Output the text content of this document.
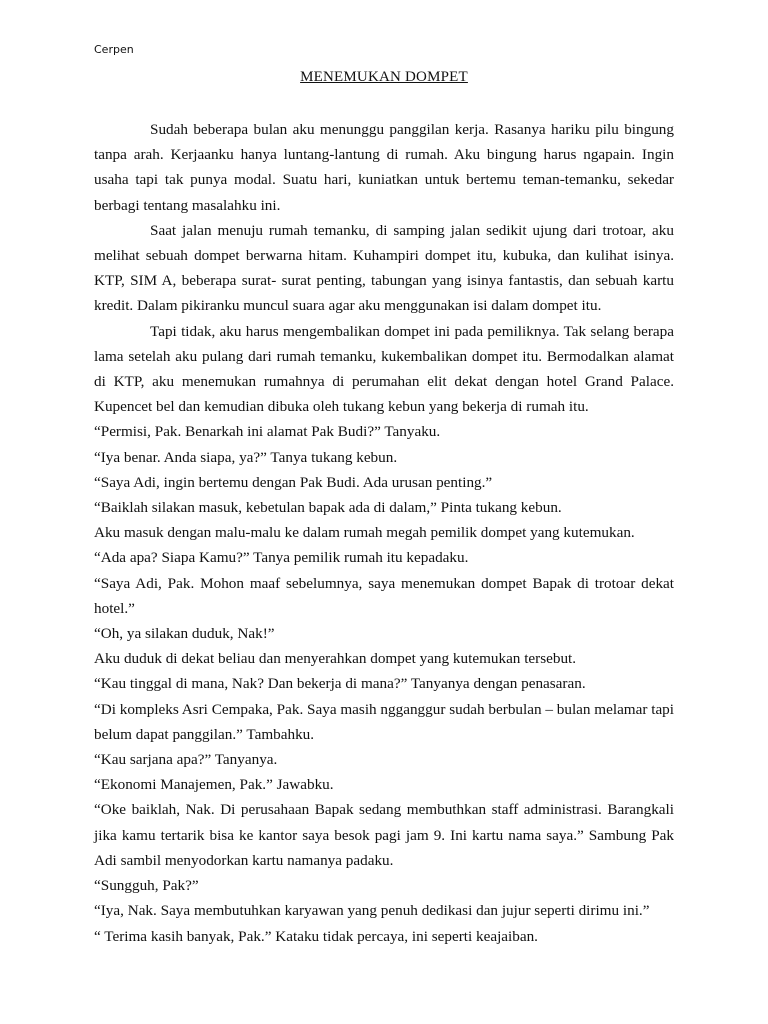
Cerpen
MENEMUKAN DOMPET

Sudah beberapa bulan aku menunggu panggilan kerja. Rasanya hariku pilu bingung tanpa arah. Kerjaanku hanya luntang-lantung di rumah. Aku bingung harus ngapain. Ingin usaha tapi tak punya modal. Suatu hari, kuniatkan untuk bertemu teman-temanku, sekedar berbagi tentang masalahku ini.

Saat jalan menuju rumah temanku, di samping jalan sedikit ujung dari trotoar, aku melihat sebuah dompet berwarna hitam. Kuhampiri dompet itu, kubuka, dan kulihat isinya. KTP, SIM A, beberapa surat- surat penting, tabungan yang isinya fantastis, dan sebuah kartu kredit. Dalam pikiranku muncul suara agar aku menggunakan isi dalam dompet itu.

Tapi tidak, aku harus mengembalikan dompet ini pada pemiliknya. Tak selang berapa lama setelah aku pulang dari rumah temanku, kukembalikan dompet itu. Bermodalkan alamat di KTP, aku menemukan rumahnya di perumahan elit dekat dengan hotel Grand Palace. Kupencet bel dan kemudian dibuka oleh tukang kebun yang bekerja di rumah itu.

“Permisi, Pak. Benarkah ini alamat Pak Budi?” Tanyaku.

“Iya benar. Anda siapa, ya?” Tanya tukang kebun.

“Saya Adi, ingin bertemu dengan Pak Budi. Ada urusan penting.”

“Baiklah silakan masuk, kebetulan bapak ada di dalam,” Pinta tukang kebun.

Aku masuk dengan malu-malu ke dalam rumah megah pemilik dompet yang kutemukan.

“Ada apa? Siapa Kamu?” Tanya pemilik rumah itu kepadaku.

“Saya Adi, Pak. Mohon maaf sebelumnya, saya menemukan dompet Bapak di trotoar dekat hotel.”

“Oh, ya silakan duduk, Nak!”

Aku duduk di dekat beliau dan menyerahkan dompet yang kutemukan tersebut.

“Kau tinggal di mana, Nak? Dan bekerja di mana?” Tanyanya dengan penasaran.

“Di kompleks Asri Cempaka, Pak. Saya masih ngganggur sudah berbulan – bulan melamar tapi belum dapat panggilan.” Tambahku.

“Kau sarjana apa?” Tanyanya.

“Ekonomi Manajemen, Pak.” Jawabku.

“Oke baiklah, Nak. Di perusahaan Bapak sedang membuthkan staff administrasi. Barangkali jika kamu tertarik bisa ke kantor saya besok pagi jam 9. Ini kartu nama saya.” Sambung Pak Adi sambil menyodorkan kartu namanya padaku.

“Sungguh, Pak?”

“Iya, Nak. Saya membutuhkan karyawan yang penuh dedikasi dan jujur seperti dirimu ini.”

“ Terima kasih banyak, Pak.” Kataku tidak percaya, ini seperti keajaiban.
